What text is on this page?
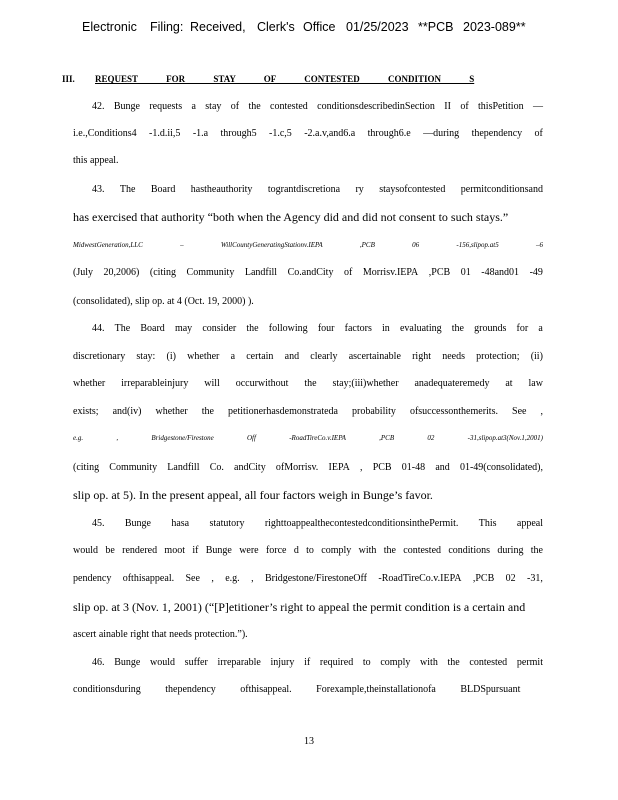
Electronic Filing: Received, Clerk's Office 01/25/2023 **PCB 2023-089**
III. REQUEST FOR STAY OF CONTESTED CONDITION S
42. Bunge requests a stay of the contested conditionsdescribedinSection II of thisPetition —
i.e.,Conditions4 -1.d.ii,5 -1.a through5 -1.c,5 -2.a.v,and6.a through6.e —during thependency of
this appeal.
43. The Board hastheauthority tograntdiscretiona ry staysofcontested permitconditionsand
has exercised that authority “both when the Agency did and did not consent to such stays.”
MidwestGeneration,LLC	–	WillCountyGeneratingStationv.IEPA	,PCB	06	-156,slipop.at5	–6
(July 20,2006) (citing Community Landfill Co.andCity of Morrisv.IEPA ,PCB 01 -48and01 -49
(consolidated), slip op. at 4 (Oct. 19, 2000) ).
44. The Board may consider the following four factors in evaluating the grounds for a
discretionary stay: (i) whether a certain and clearly ascertainable right needs protection; (ii)
whether irreparableinjury will occurwithout the stay;(iii)whether anadequateremedy at law
exists; and(iv) whether the petitionerhasdemonstrateda probability ofsuccessonthemerits. See ,
e.g.	,	Bridgestone/Firestone	Off	-RoadTireCo.v.IEPA	,PCB	02	-31,slipop.at3(Nov.1,2001)
(citing Community Landfill Co. andCity ofMorrisv. IEPA , PCB 01-48 and 01-49(consolidated),
slip op. at 5). In the present appeal, all four factors weigh in Bunge’s favor.
45. Bunge hasa statutory righttoappealthecontestedconditionsinthePermit. This appeal
would be rendered moot if Bunge were force d to comply with the contested conditions during the
pendency ofthisappeal. See , e.g. , Bridgestone/FirestoneOff -RoadTireCo.v.IEPA ,PCB 02 -31,
slip op. at 3 (Nov. 1, 2001) (“[P]etitioner’s right to appeal the permit condition is a certain and
ascert ainable right that needs protection.”).
46. Bunge would suffer irreparable injury if required to comply with the contested permit
conditionsduring thependency ofthisappeal. Forexample,theinstallationofa BLDSpursuant
13
